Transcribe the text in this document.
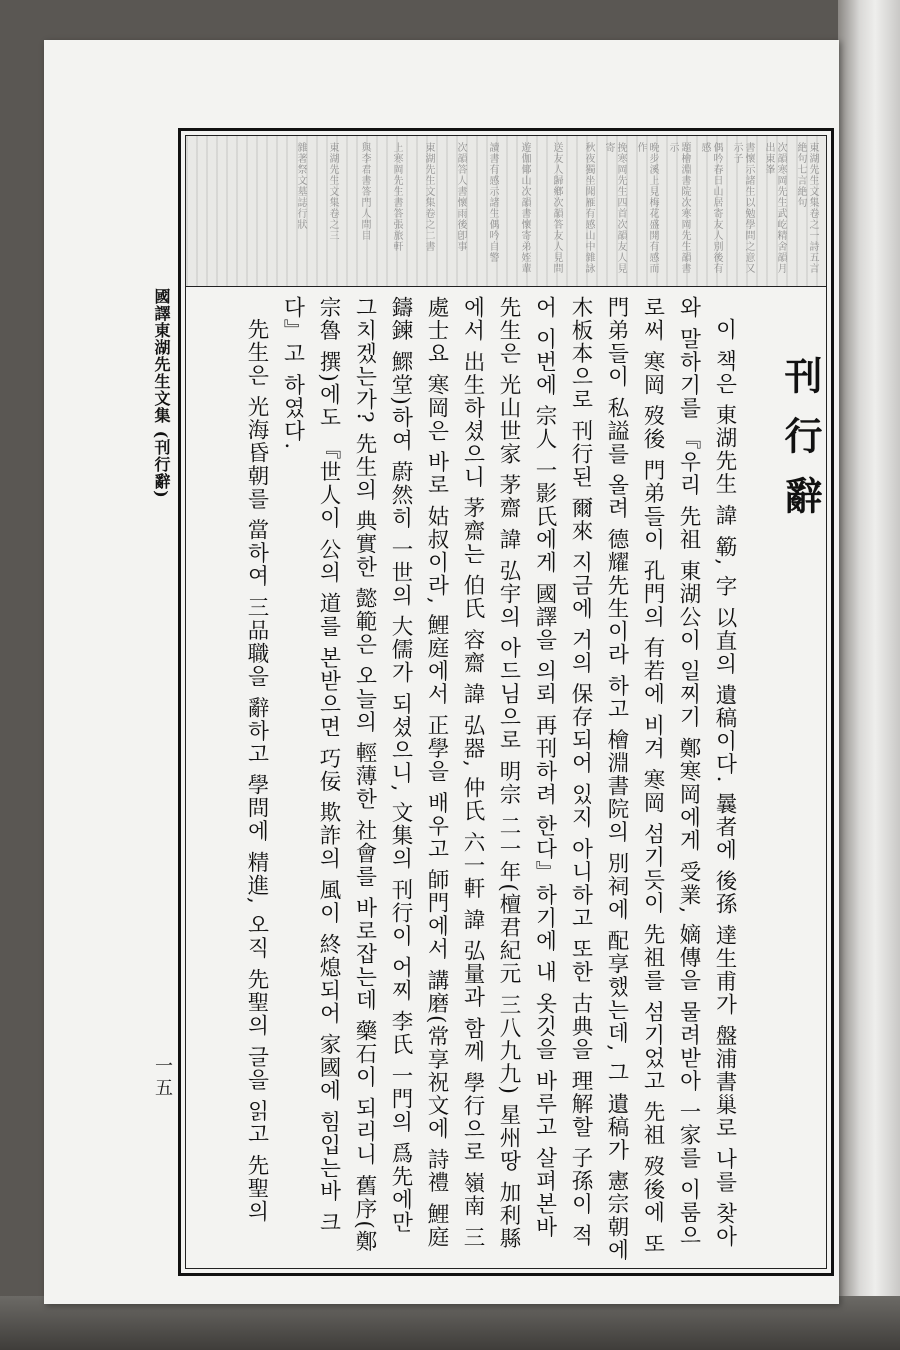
國譯東湖先生文集 (刊行辭)
一五
東湖先生文集卷之一詩五言絶句七言絶句
次韻寒岡先生武屹精舍韻月出東峯
書懷示諸生以勉學問之意又示子
偶吟春日山居寄友人別後有感
題檜淵書院次寒岡先生韻書示
晩步溪上見梅花盛開有感而作
挽寒岡先生四首次韻友人見寄
秋夜獨坐聞雁有感山中雜詠
送友人歸鄕次韻答友人見問
遊伽倻山次韻書懷寄弟姪輩
讀書有感示諸生偶吟自警
次韻答人書懷雨後卽事
東湖先生文集卷之二書
上寒岡先生書答張旅軒
與李君書答門人問目
東湖先生文集卷之三
雜著祭文墓誌行狀
刊行辭
이 책은 東湖先生 諱 簕, 字 以直의 遺稿이다. 曩者에 後孫 達生甫가 盤浦書巢로 나를 찾아와 말하기를 『우리 先祖 東湖公이 일찌기 鄭寒岡에게 受業, 嫡傳을 물려받아 一家를 이룸으로써 寒岡 歿後 門弟들이 孔門의 有若에 비겨 寒岡 섬기듯이 先祖를 섬기었고 先祖 歿後에 또 門弟들이 私謚를 올려 德耀先生이라 하고 檜淵書院의 別祠에 配享했는데, 그 遺稿가 憲宗朝에 木板本으로 刊行된 爾來 지금에 거의 保存되어 있지 아니하고 또한 古典을 理解할 子孫이 적어 이번에 宗人 一影氏에게 國譯을 의뢰 再刊하려 한다』하기에 내 옷깃을 바루고 살펴본바 先生은 光山世家 茅齋 諱 弘宇의 아드님으로 明宗 二一年(檀君紀元 三八九九) 星州땅 加利縣에서 出生하셨으니 茅齋는 伯氏 容齋 諱 弘器, 仲氏 六一軒 諱 弘量과 함께 學行으로 嶺南 三處士요 寒岡은 바로 姑叔이라, 鯉庭에서 正學을 배우고 師門에서 講磨(常享祝文에 詩禮 鯉庭 鑄鍊 鰥堂)하여 蔚然히 一世의 大儒가 되셨으니, 文集의 刊行이 어찌 李氏 一門의 爲先에만 그치겠는가? 先生의 典實한 懿範은 오늘의 輕薄한 社會를 바로잡는데 藥石이 되리니 舊序(鄭宗魯 撰)에도 『世人이 公의 道를 본받으면 巧佞 欺詐의 風이 終熄되어 家國에 힘입는바 크다』고 하였다.
先生은 光海昏朝를 當하여 三品職을 辭하고 學問에 精進, 오직 先聖의 글을 읽고 先聖의
